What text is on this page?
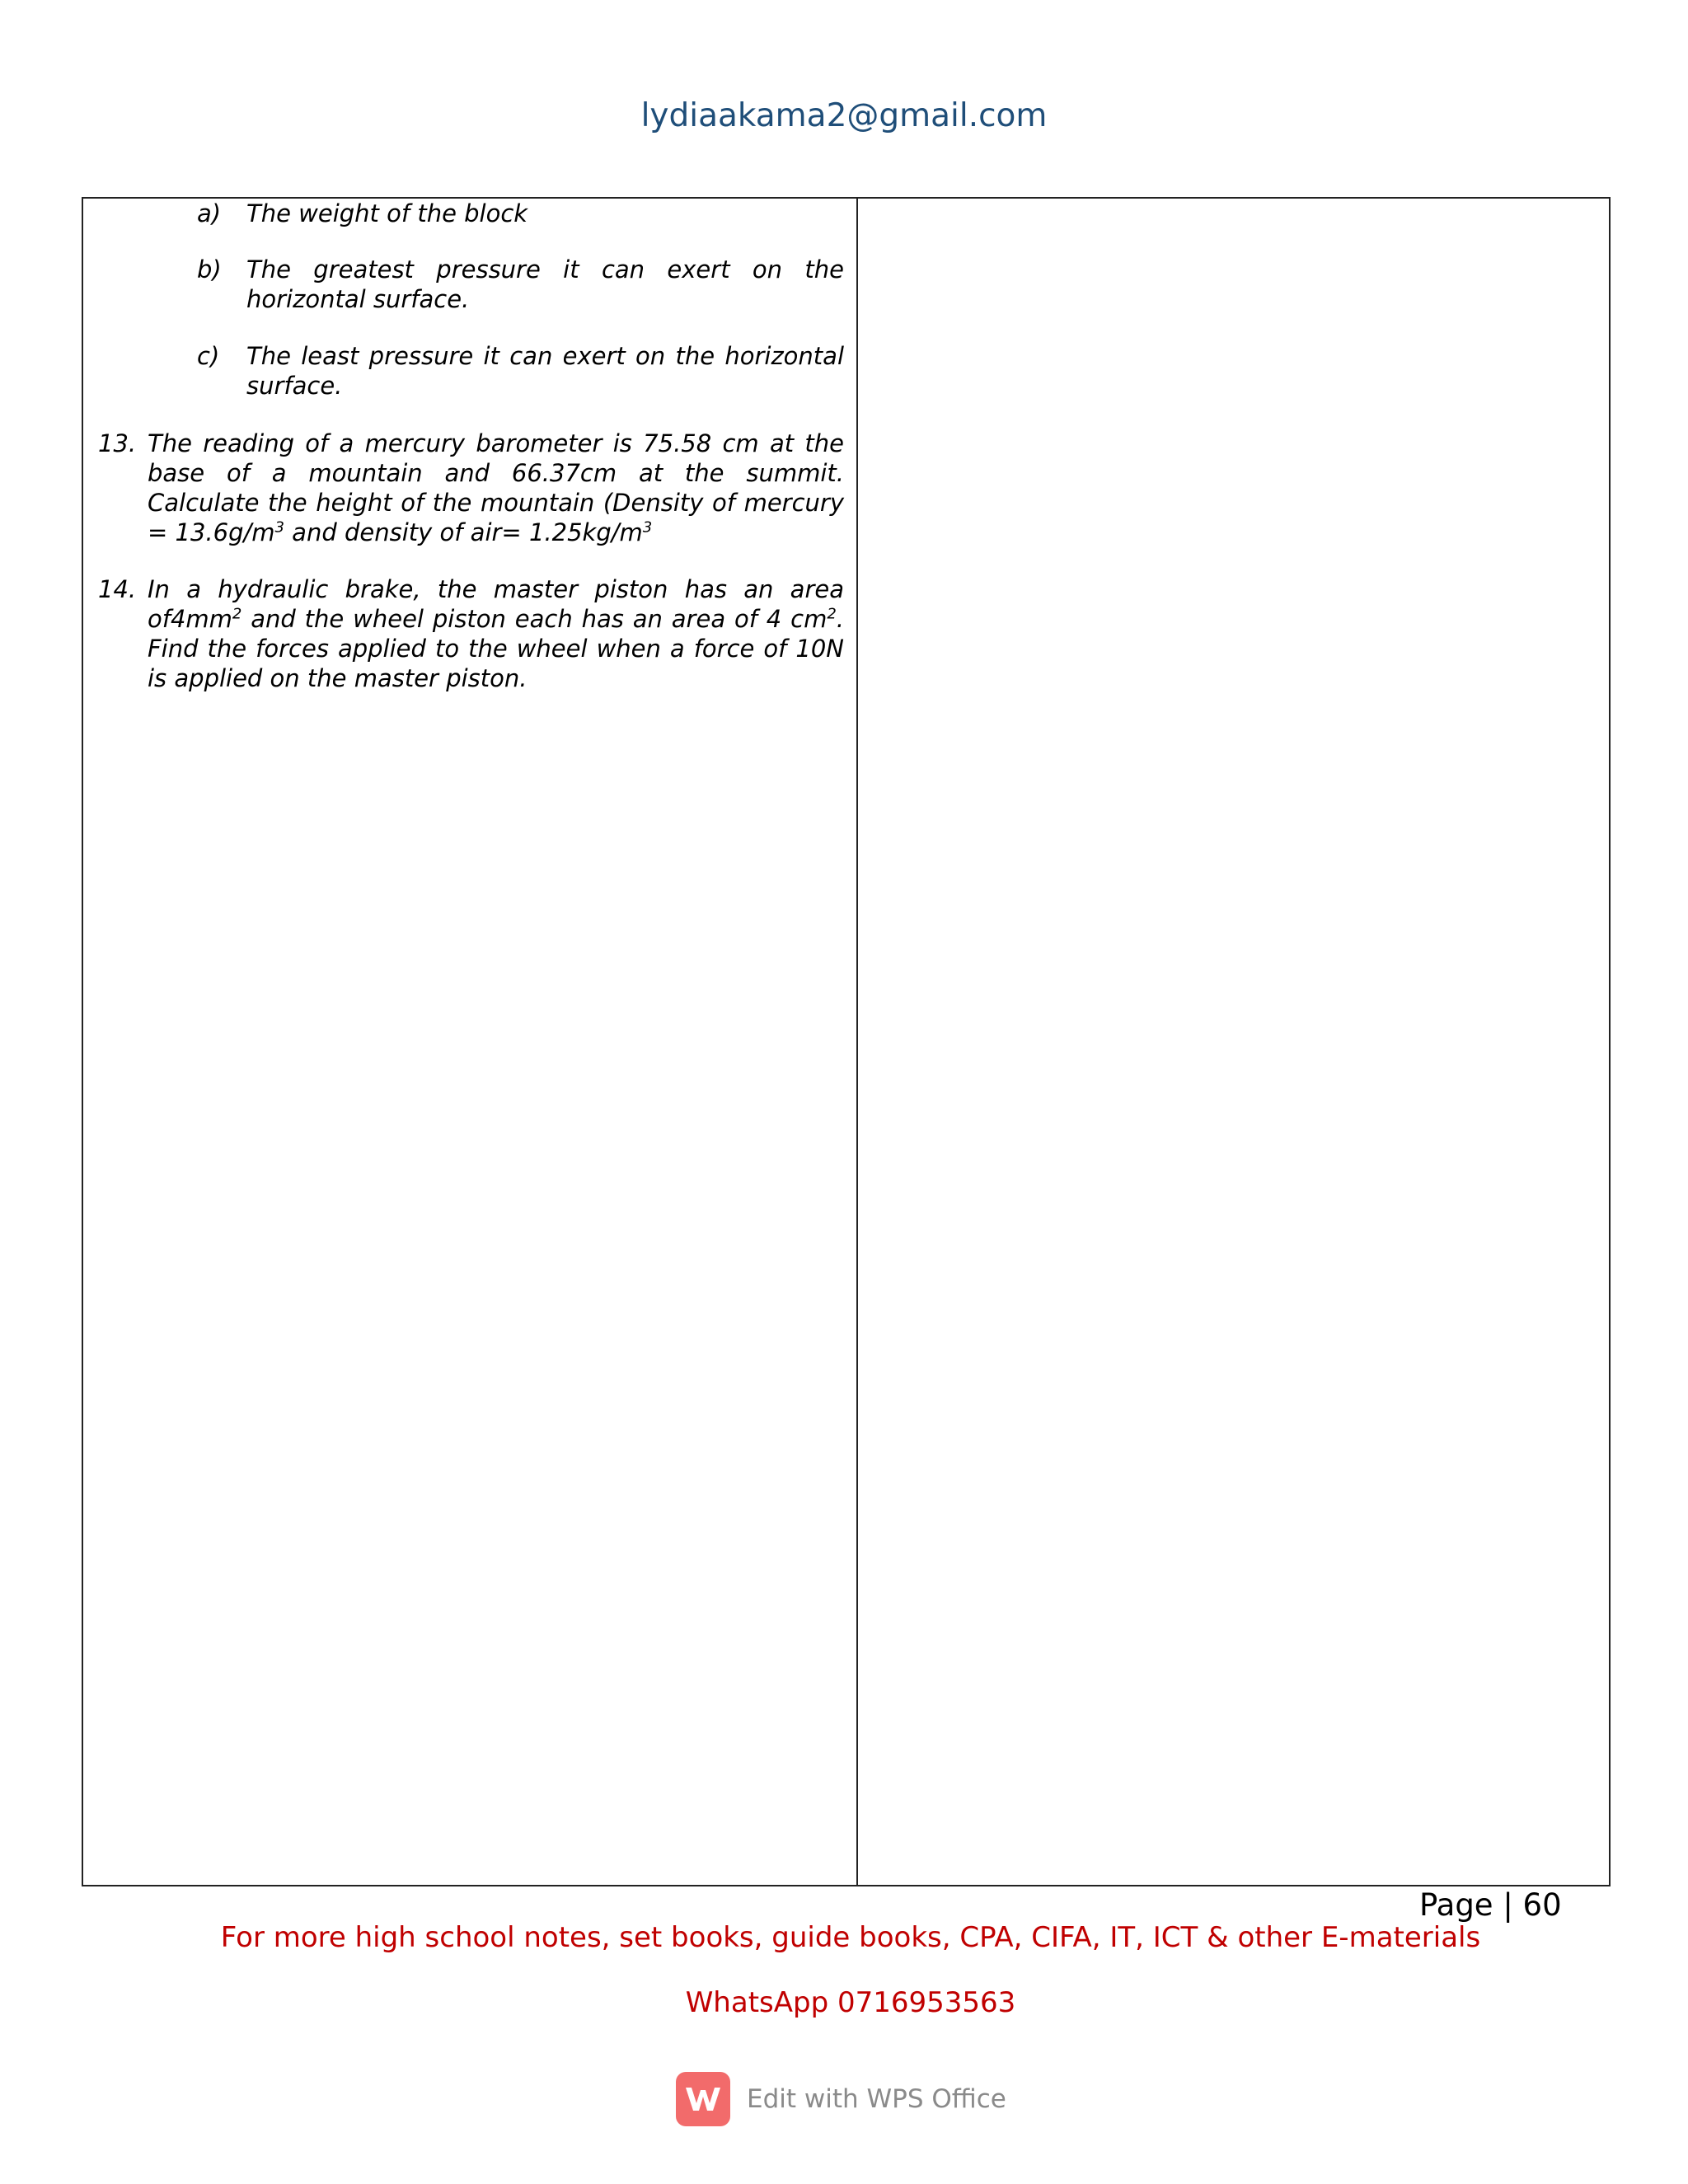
lydiaakama2@gmail.com
a)	The weight of the block
b)	The greatest pressure it can exert on the horizontal surface.
c)	The least pressure it can exert on the horizontal surface.
13. The reading of a mercury barometer is 75.58 cm at the base of a mountain and 66.37cm at the summit. Calculate the height of the mountain (Density of mercury = $13.6g/m^3$ and density of $air= 1.25kg/m^3$
14. In a hydraulic brake, the master piston has an area $of4mm^2$ and the wheel piston each has an area of 4 $cm^2$. Find the forces applied to the wheel when a force of 10N is applied on the master piston.
Page | 60
For more high school notes, set books, guide books, CPA, CIFA, IT, ICT & other E-materials
WhatsApp 0716953563
Edit with WPS Office
